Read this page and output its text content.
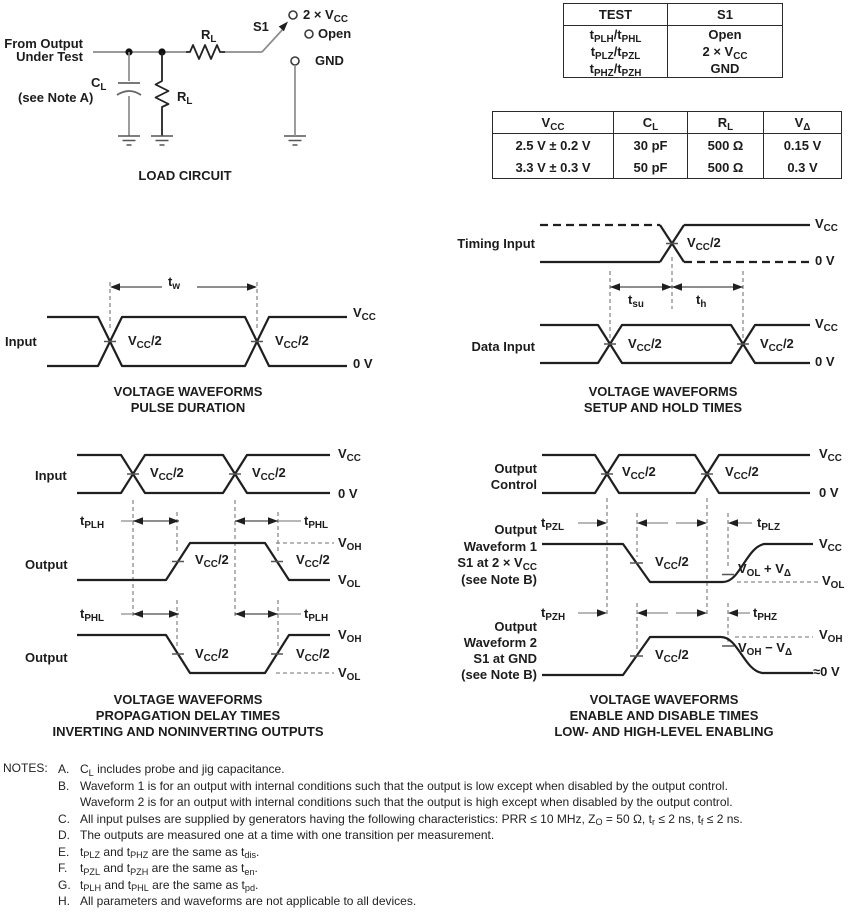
From Output
Under Test
$C_L$
(see Note A)
$R_L$
$R_L$
S1
$2 \times V_{CC}$
Open
GND
LOAD CIRCUIT
TEST	S1
$t_{PLH}/t_{PHL}$	Open
$t_{PLZ}/t_{PZL}$	$2 \times V_{CC}$
$t_{PHZ}/t_{PZH}$	GND
$V_{CC}$	$C_L$	$R_L$	$V_\Delta$
2.5 V ± 0.2 V	30 pF	500 Ω	0.15 V
3.3 V ± 0.3 V	50 pF	500 Ω	0.3 V
Input
$t_w$
$V_{CC}/2$	$V_{CC}/2$
$V_{CC}$
0 V
VOLTAGE WAVEFORMS
PULSE DURATION
Timing Input	$V_{CC}/2$
$t_{su}$	$t_h$
$V_{CC}$
0 V
Data Input	$V_{CC}/2$	$V_{CC}/2$
$V_{CC}$
0 V
VOLTAGE WAVEFORMS
SETUP AND HOLD TIMES
Input	$V_{CC}/2$	$V_{CC}/2$
$V_{CC}$
0 V
$t_{PLH}$	$t_{PHL}$
Output	$V_{CC}/2$	$V_{CC}/2$
$V_{OH}$
$V_{OL}$
$t_{PHL}$	$t_{PLH}$
Output	$V_{CC}/2$	$V_{CC}/2$
$V_{OH}$
$V_{OL}$
VOLTAGE WAVEFORMS
PROPAGATION DELAY TIMES
INVERTING AND NONINVERTING OUTPUTS
Output
Control
$V_{CC}/2$	$V_{CC}/2$
$V_{CC}$
0 V
$t_{PZL}$	$t_{PLZ}$
Output
Waveform 1
S1 at $2 \times V_{CC}$
(see Note B)
$V_{CC}/2$	$V_{OL} + V_\Delta$
$V_{CC}$
$V_{OL}$
$t_{PZH}$	$t_{PHZ}$
Output
Waveform 2
S1 at GND
(see Note B)
$V_{CC}/2$	$V_{OH} - V_\Delta$
$V_{OH}$
≈0 V
VOLTAGE WAVEFORMS
ENABLE AND DISABLE TIMES
LOW- AND HIGH-LEVEL ENABLING
NOTES: A. $C_L$ includes probe and jig capacitance.
B. Waveform 1 is for an output with internal conditions such that the output is low except when disabled by the output control.
Waveform 2 is for an output with internal conditions such that the output is high except when disabled by the output control.
C. All input pulses are supplied by generators having the following characteristics: PRR ≤ 10 MHz, $Z_O = 50$ Ω, $t_r \le 2$ ns, $t_f \le 2$ ns.
D. The outputs are measured one at a time with one transition per measurement.
E. $t_{PLZ}$ and $t_{PHZ}$ are the same as $t_{dis}$.
F.	$t_{PZL}$ and $t_{PZH}$ are the same as $t_{en}$.
G. $t_{PLH}$ and $t_{PHL}$ are the same as $t_{pd}$.
H. All parameters and waveforms are not applicable to all devices.
